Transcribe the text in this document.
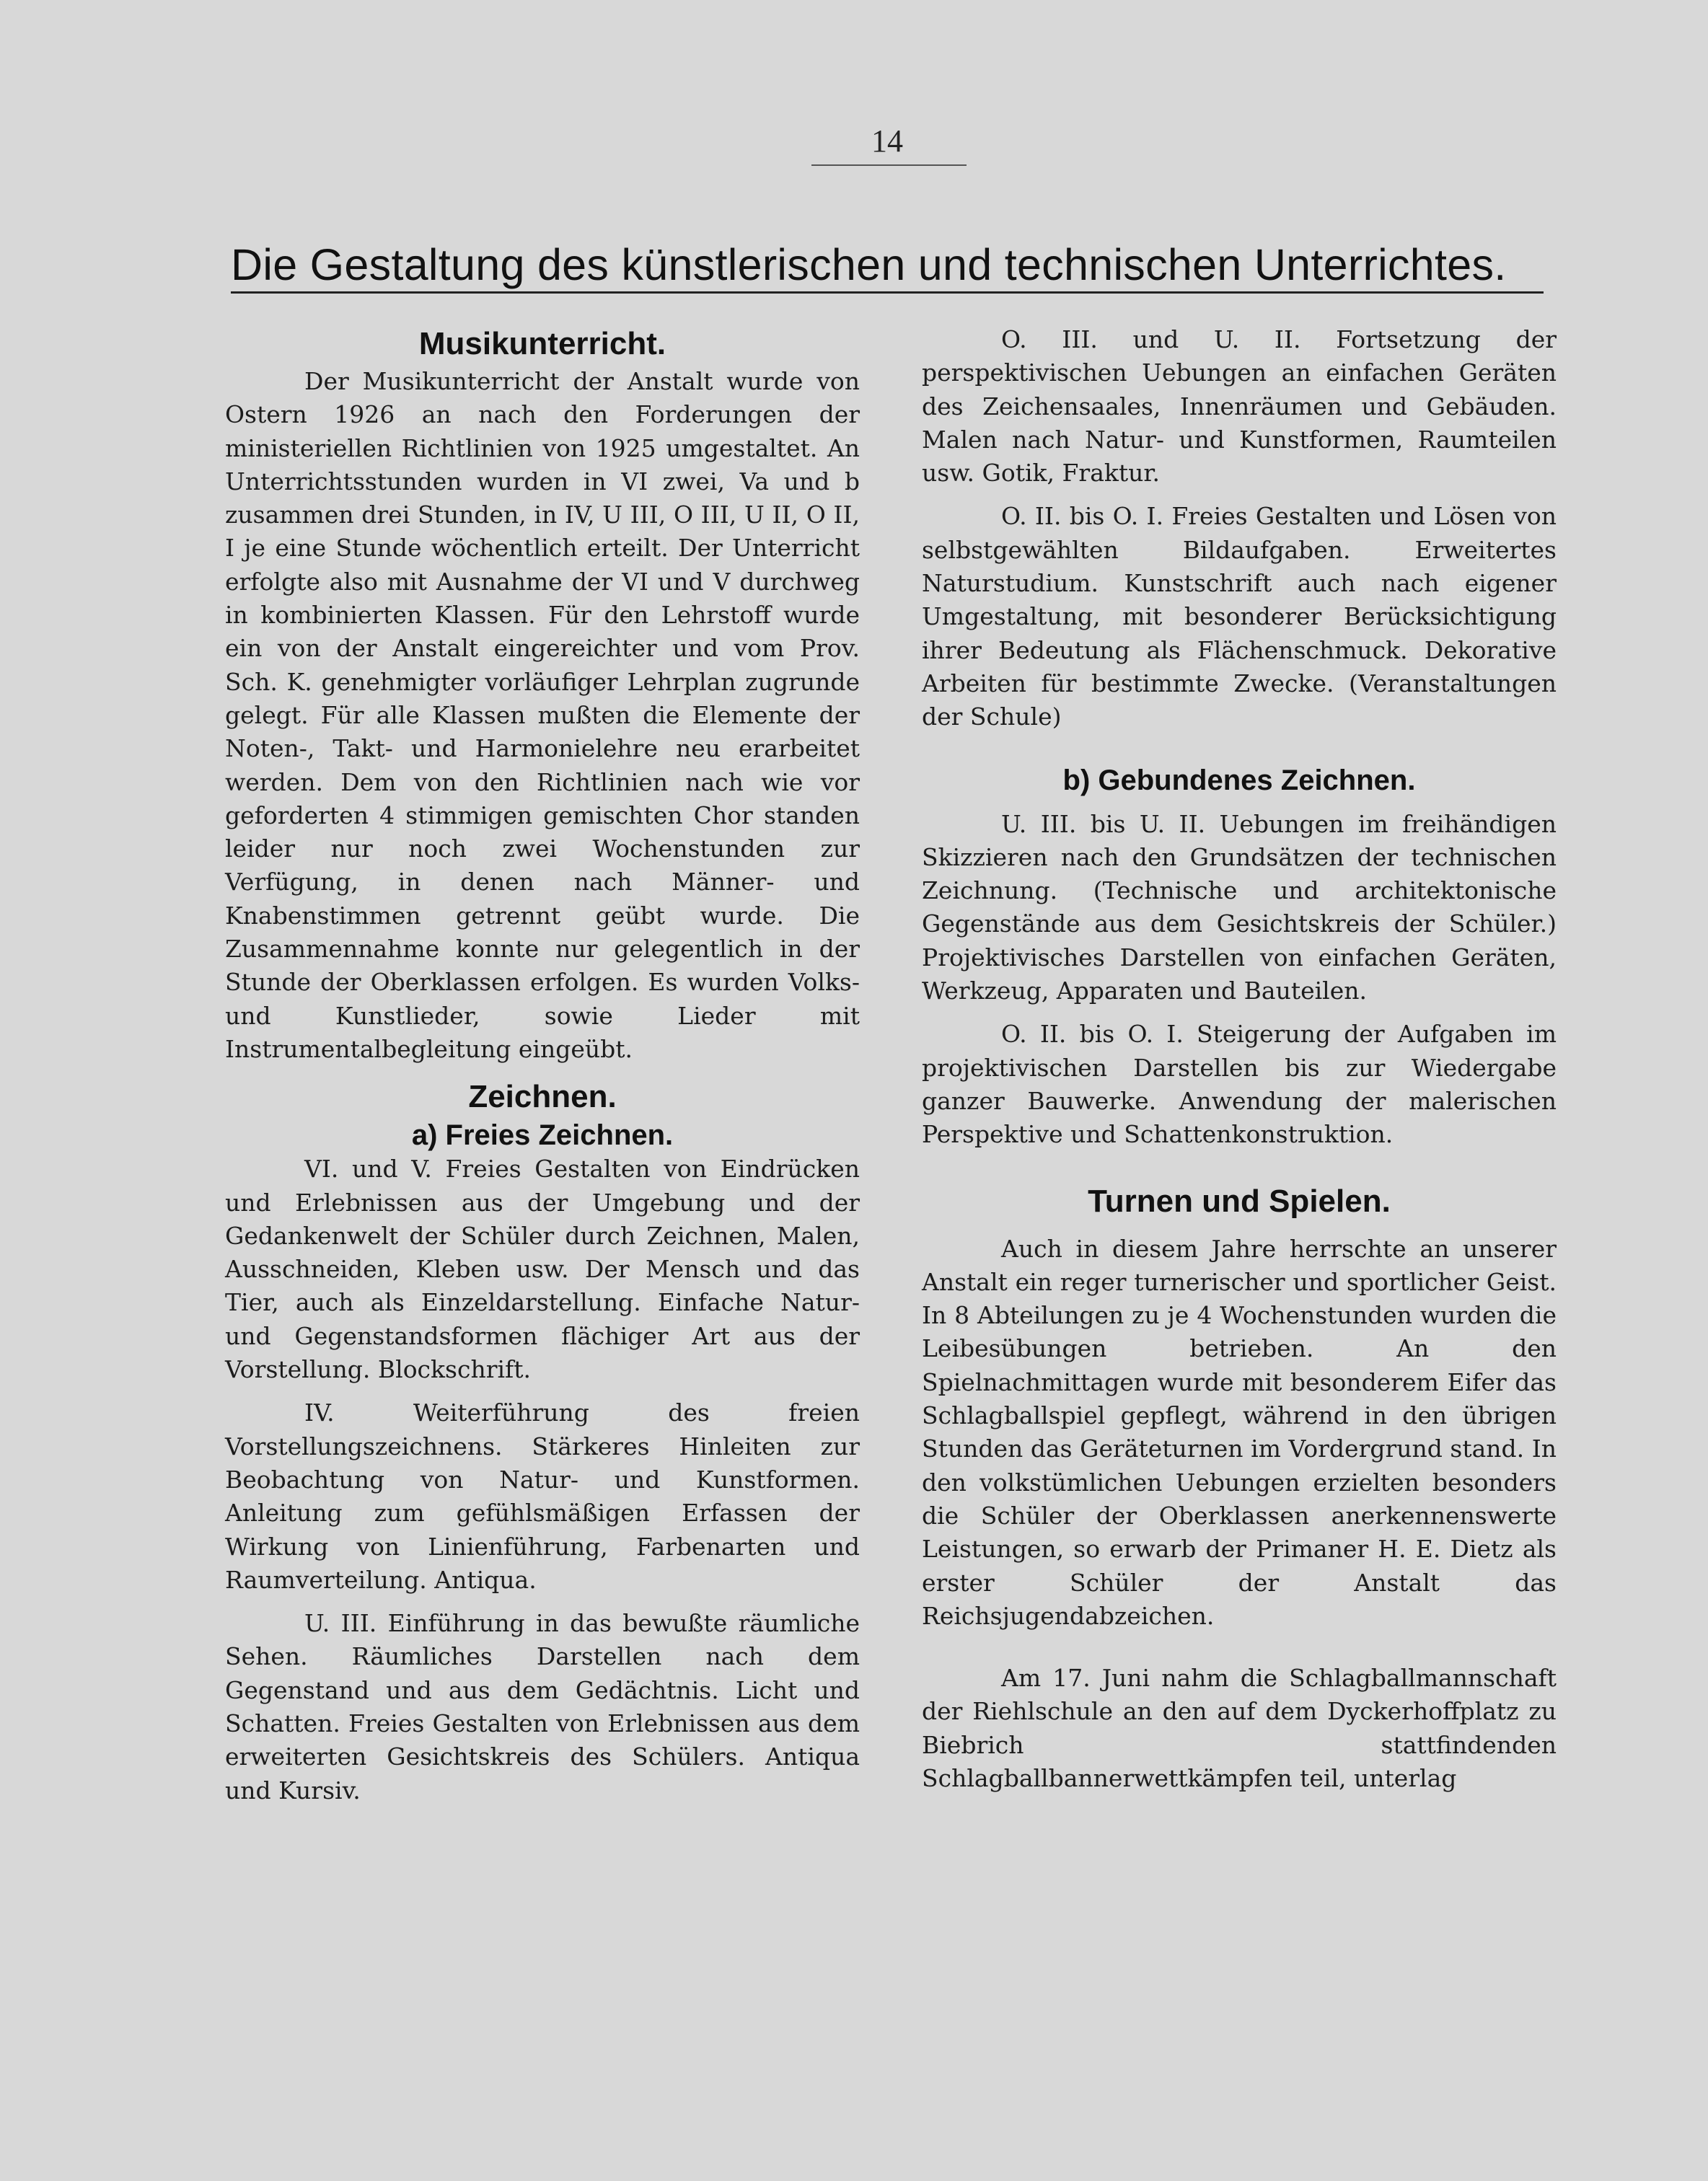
14
Die Gestaltung des künstlerischen und technischen Unterrichtes.
Musikunterricht.

Der Musikunterricht der Anstalt wurde von Ostern 1926 an nach den Forderungen der ministeriellen Richtlinien von 1925 umgestaltet. An Unterrichtsstunden wurden in VI zwei, Va und b zusammen drei Stunden, in IV, U III, O III, U II, O II, I je eine Stunde wöchentlich erteilt. Der Unterricht erfolgte also mit Ausnahme der VI und V durchweg in kombinierten Klassen. Für den Lehrstoff wurde ein von der Anstalt eingereichter und vom Prov. Sch. K. genehmigter vorläufiger Lehrplan zugrunde gelegt. Für alle Klassen mußten die Elemente der Noten-, Takt- und Harmonielehre neu erarbeitet werden. Dem von den Richtlinien nach wie vor geforderten 4 stimmigen gemischten Chor standen leider nur noch zwei Wochenstunden zur Verfügung, in denen nach Männer- und Knabenstimmen getrennt geübt wurde. Die Zusammennahme konnte nur gelegentlich in der Stunde der Oberklassen erfolgen. Es wurden Volks- und Kunstlieder, sowie Lieder mit Instrumentalbegleitung eingeübt.

Zeichnen.
a) Freies Zeichnen.

VI. und V. Freies Gestalten von Eindrücken und Erlebnissen aus der Umgebung und der Gedankenwelt der Schüler durch Zeichnen, Malen, Ausschneiden, Kleben usw. Der Mensch und das Tier, auch als Einzeldarstellung. Einfache Natur- und Gegenstandsformen flächiger Art aus der Vorstellung. Blockschrift.

IV. Weiterführung des freien Vorstellungszeichnens. Stärkeres Hinleiten zur Beobachtung von Natur- und Kunstformen. Anleitung zum gefühlsmäßigen Erfassen der Wirkung von Linienführung, Farbenarten und Raumverteilung. Antiqua.

U. III. Einführung in das bewußte räumliche Sehen. Räumliches Darstellen nach dem Gegenstand und aus dem Gedächtnis. Licht und Schatten. Freies Gestalten von Erlebnissen aus dem erweiterten Gesichtskreis des Schülers. Antiqua und Kursiv.

O. III. und U. II. Fortsetzung der perspektivischen Uebungen an einfachen Geräten des Zeichensaales, Innenräumen und Gebäuden. Malen nach Natur- und Kunstformen, Raumteilen usw. Gotik, Fraktur.

O. II. bis O. I. Freies Gestalten und Lösen von selbstgewählten Bildaufgaben. Erweitertes Naturstudium. Kunstschrift auch nach eigener Umgestaltung, mit besonderer Berücksichtigung ihrer Bedeutung als Flächenschmuck. Dekorative Arbeiten für bestimmte Zwecke. (Veranstaltungen der Schule)

b) Gebundenes Zeichnen.

U. III. bis U. II. Uebungen im freihändigen Skizzieren nach den Grundsätzen der technischen Zeichnung. (Technische und architektonische Gegenstände aus dem Gesichtskreis der Schüler.) Projektivisches Darstellen von einfachen Geräten, Werkzeug, Apparaten und Bauteilen.

O. II. bis O. I. Steigerung der Aufgaben im projektivischen Darstellen bis zur Wiedergabe ganzer Bauwerke. Anwendung der malerischen Perspektive und Schattenkonstruktion.

Turnen und Spielen.

Auch in diesem Jahre herrschte an unserer Anstalt ein reger turnerischer und sportlicher Geist. In 8 Abteilungen zu je 4 Wochenstunden wurden die Leibesübungen betrieben. An den Spielnachmittagen wurde mit besonderem Eifer das Schlagballspiel gepflegt, während in den übrigen Stunden das Geräteturnen im Vordergrund stand. In den volkstümlichen Uebungen erzielten besonders die Schüler der Oberklassen anerkennenswerte Leistungen, so erwarb der Primaner H. E. Dietz als erster Schüler der Anstalt das Reichsjugendabzeichen.

Am 17. Juni nahm die Schlagballmannschaft der Riehlschule an den auf dem Dyckerhoffplatz zu Biebrich stattfindenden Schlagballbannerwettkämpfen teil, unterlag
